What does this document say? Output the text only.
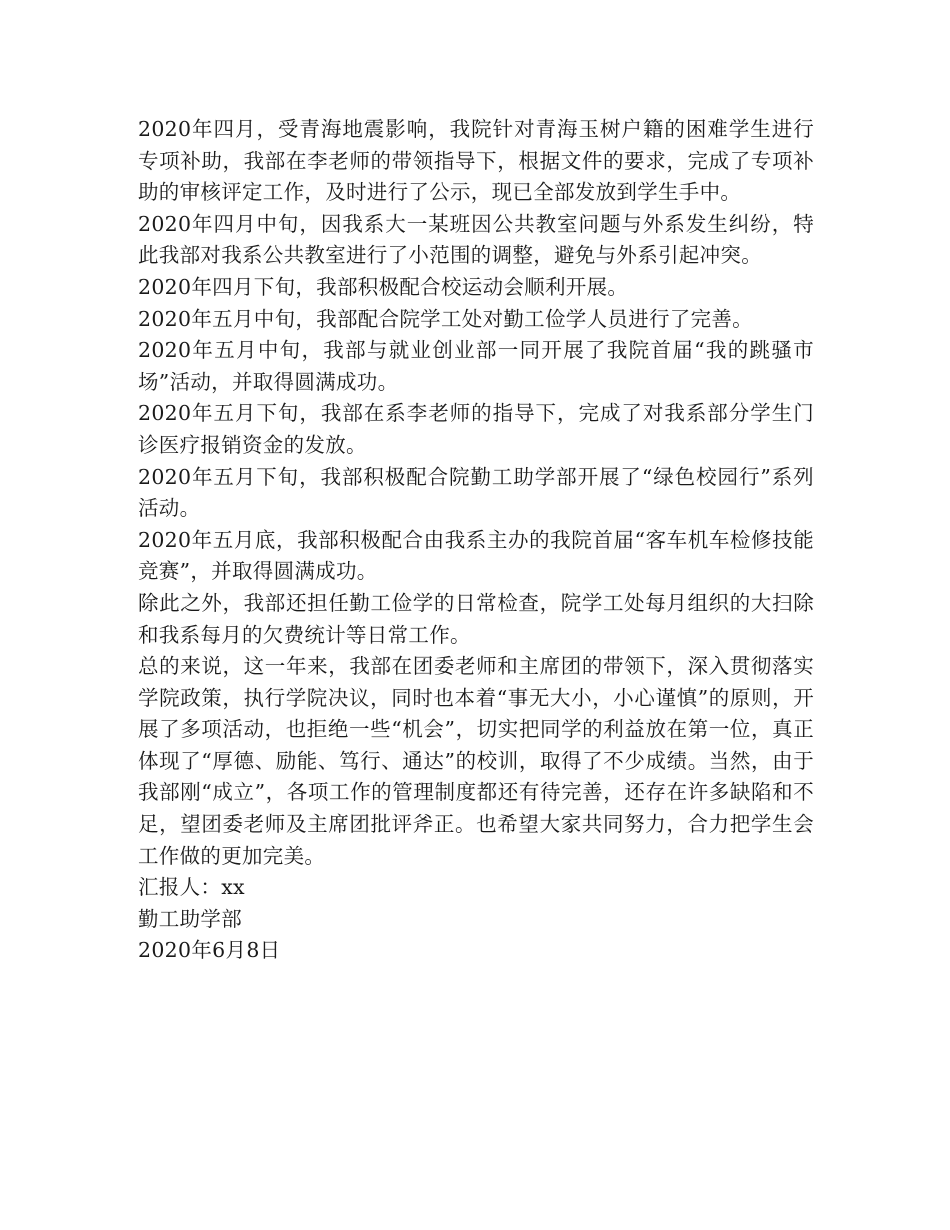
2020年四月，受青海地震影响，我院针对青海玉树户籍的困难学生进行专项补助，我部在李老师的带领指导下，根据文件的要求，完成了专项补助的审核评定工作，及时进行了公示，现已全部发放到学生手中。

2020年四月中旬，因我系大一某班因公共教室问题与外系发生纠纷，特此我部对我系公共教室进行了小范围的调整，避免与外系引起冲突。

2020年四月下旬，我部积极配合校运动会顺利开展。

2020年五月中旬，我部配合院学工处对勤工俭学人员进行了完善。

2020年五月中旬，我部与就业创业部一同开展了我院首届“我的跳骚市场”活动，并取得圆满成功。

2020年五月下旬，我部在系李老师的指导下，完成了对我系部分学生门诊医疗报销资金的发放。

2020年五月下旬，我部积极配合院勤工助学部开展了“绿色校园行”系列活动。

2020年五月底，我部积极配合由我系主办的我院首届“客车机车检修技能竞赛”，并取得圆满成功。

除此之外，我部还担任勤工俭学的日常检查，院学工处每月组织的大扫除和我系每月的欠费统计等日常工作。

总的来说，这一年来，我部在团委老师和主席团的带领下，深入贯彻落实学院政策，执行学院决议，同时也本着“事无大小，小心谨慎”的原则，开展了多项活动，也拒绝一些“机会”，切实把同学的利益放在第一位，真正体现了“厚德、励能、笃行、通达”的校训，取得了不少成绩。当然，由于我部刚“成立”，各项工作的管理制度都还有待完善，还存在许多缺陷和不足，望团委老师及主席团批评斧正。也希望大家共同努力，合力把学生会工作做的更加完美。

汇报人：xx

勤工助学部

2020年6月8日
